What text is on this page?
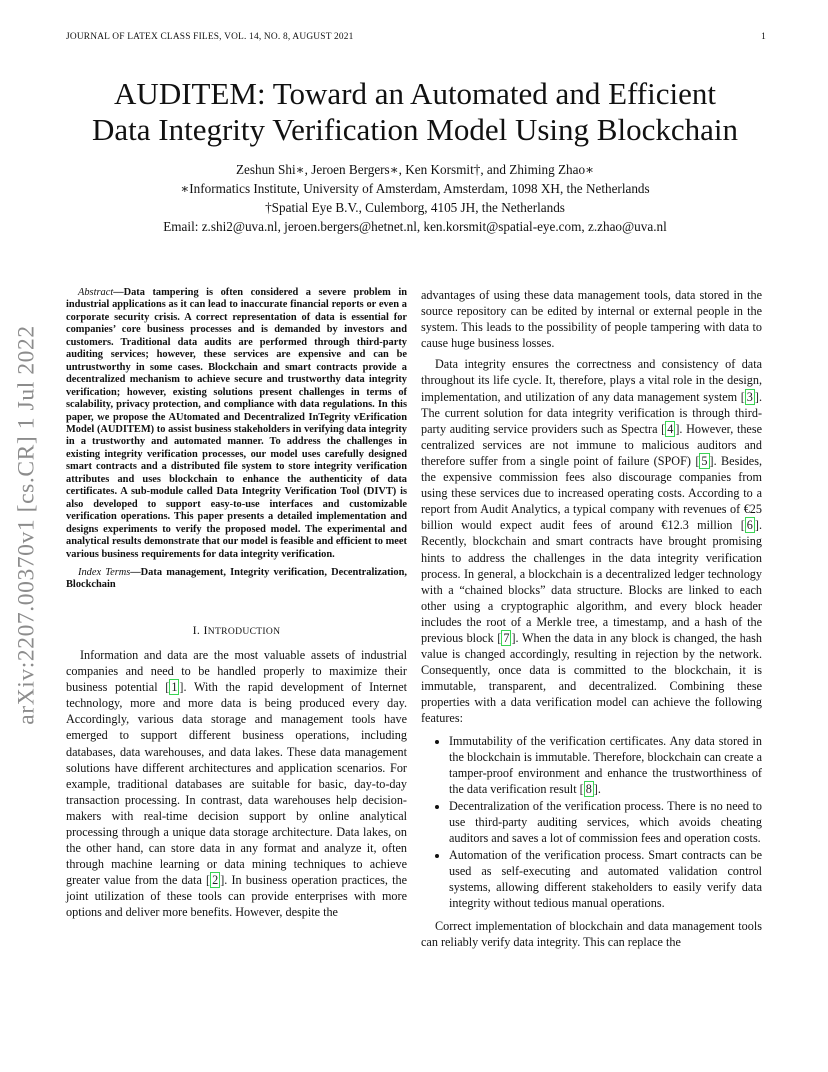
JOURNAL OF LATEX CLASS FILES, VOL. 14, NO. 8, AUGUST 2021	1
arXiv:2207.00370v1 [cs.CR] 1 Jul 2022
AUDITEM: Toward an Automated and Efficient
Data Integrity Verification Model Using Blockchain
Zeshun Shi∗, Jeroen Bergers∗, Ken Korsmit†, and Zhiming Zhao∗
∗Informatics Institute, University of Amsterdam, Amsterdam, 1098 XH, the Netherlands
†Spatial Eye B.V., Culemborg, 4105 JH, the Netherlands
Email: z.shi2@uva.nl, jeroen.bergers@hetnet.nl, ken.korsmit@spatial-eye.com, z.zhao@uva.nl

Abstract—Data tampering is often considered a severe problem in industrial applications as it can lead to inaccurate financial reports or even a corporate security crisis. A correct representation of data is essential for companies’ core business processes and is demanded by investors and customers. Traditional data audits are performed through third-party auditing services; however, these services are expensive and can be untrustworthy in some cases. Blockchain and smart contracts provide a decentralized mechanism to achieve secure and trustworthy data integrity verification; however, existing solutions present challenges in terms of scalability, privacy protection, and compliance with data regulations. In this paper, we propose the AUtomated and Decentralized InTegrity vErification Model (AUDITEM) to assist business stakeholders in verifying data integrity in a trustworthy and automated manner. To address the challenges in existing integrity verification processes, our model uses carefully designed smart contracts and a distributed file system to store integrity verification attributes and uses blockchain to enhance the authenticity of data certificates. A sub-module called Data Integrity Verification Tool (DIVT) is also developed to support easy-to-use interfaces and customizable verification operations. This paper presents a detailed implementation and designs experiments to verify the proposed model. The experimental and analytical results demonstrate that our model is feasible and efficient to meet various business requirements for data integrity verification.

Index Terms—Data management, Integrity verification, Decentralization, Blockchain

I. INTRODUCTION

Information and data are the most valuable assets of industrial companies and need to be handled properly to maximize their business potential [ 1 ] . With the rapid development of Internet technology, more and more data is being produced every day. Accordingly, various data storage and management tools have emerged to support different business operations, including databases, data warehouses, and data lakes. These data management solutions have different architectures and application scenarios. For example, traditional databases are suitable for basic, day-to-day transaction processing. In contrast, data warehouses help decision-makers with real-time decision support by online analytical processing through a unique data storage architecture. Data lakes, on the other hand, can store data in any format and analyze it, often through machine learning or data mining techniques to achieve greater value from the data [ 2 ] . In business operation practices, the joint utilization of these tools can provide enterprises with more options and deliver more benefits. However, despite the

advantages of using these data management tools, data stored in the source repository can be edited by internal or external people in the system. This leads to the possibility of people tampering with data to cause huge business losses.

Data integrity ensures the correctness and consistency of data throughout its life cycle. It, therefore, plays a vital role in the design, implementation, and utilization of any data management system [ 3 ] . The current solution for data integrity verification is through third-party auditing service providers such as Spectra [ 4 ] . However, these centralized services are not immune to malicious auditors and therefore suffer from a single point of failure (SPOF) [ 5 ] . Besides, the expensive commission fees also discourage companies from using these services due to increased operating costs. According to a report from Audit Analytics, a typical company with revenues of €25 billion would expect audit fees of around €12.3 million [ 6 ] . Recently, blockchain and smart contracts have brought promising hints to address the challenges in the data integrity verification process. In general, a blockchain is a decentralized ledger technology with a “chained blocks” data structure. Blocks are linked to each other using a cryptographic algorithm, and every block header includes the root of a Merkle tree, a timestamp, and a hash of the previous block [ 7 ] . When the data in any block is changed, the hash value is changed accordingly, resulting in rejection by the network. Consequently, once data is committed to the blockchain, it is immutable, transparent, and decentralized. Combining these properties with a data verification model can achieve the following features:

• Immutability of the verification certificates. Any data stored in the blockchain is immutable. Therefore, blockchain can create a tamper-proof environment and enhance the trustworthiness of the data verification result [ 8 ] .
• Decentralization of the verification process. There is no need to use third-party auditing services, which avoids cheating auditors and saves a lot of commission fees and operation costs.
• Automation of the verification process. Smart contracts can be used as self-executing and automated validation control systems, allowing different stakeholders to easily verify data integrity without tedious manual operations.

Correct implementation of blockchain and data management tools can reliably verify data integrity. This can replace the
